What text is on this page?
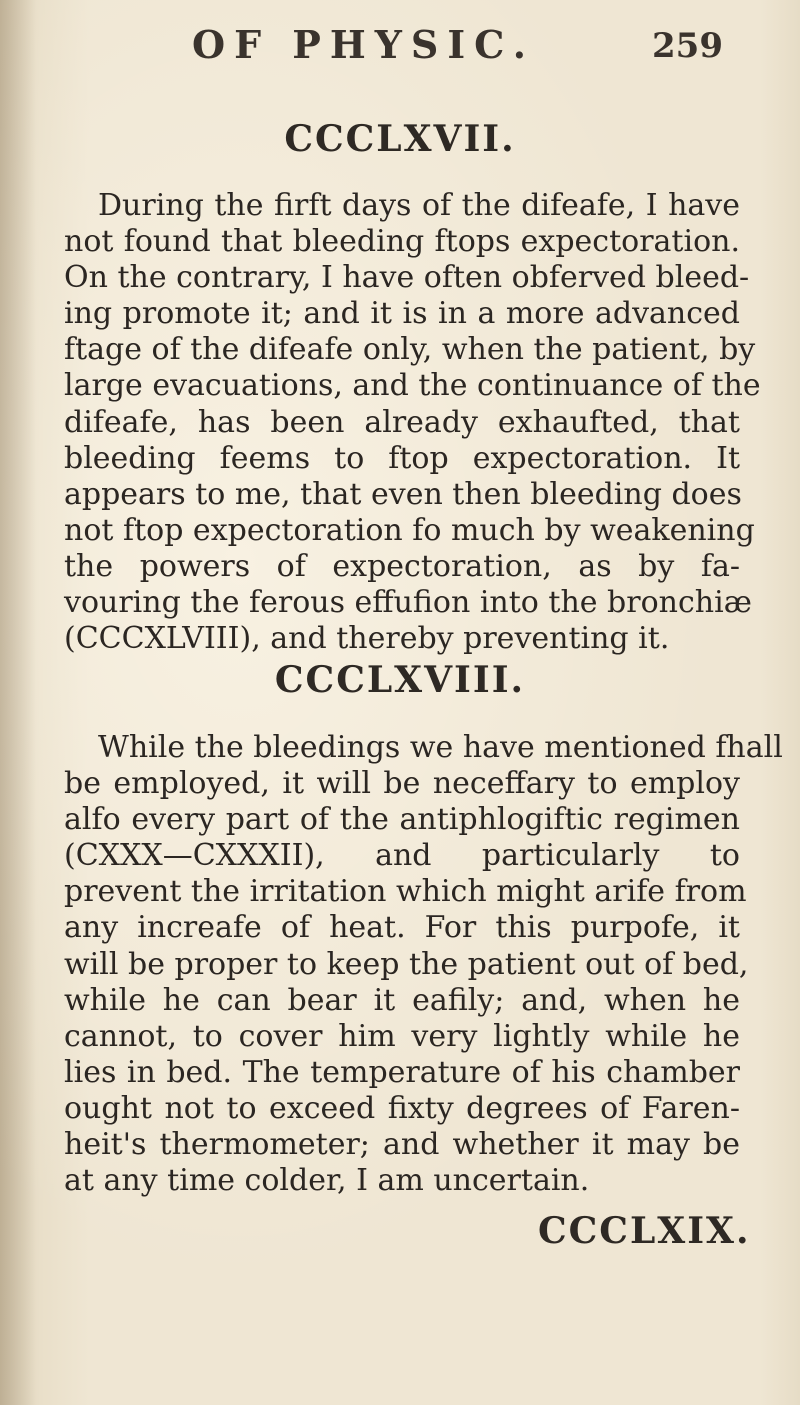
OF PHYSIC.	259
CCCLXVII.
During the firft days of the difeafe, I have
not found that bleeding ftops expectoration.
On the contrary, I have often obferved bleed-
ing promote it; and it is in a more advanced
ftage of the difeafe only, when the patient, by
large evacuations, and the continuance of the
difeafe, has been already exhaufted, that
bleeding feems to ftop expectoration. It
appears to me, that even then bleeding does
not ftop expectoration fo much by weakening
the powers of expectoration, as by fa-
vouring the ferous effufion into the bronchiæ
(CCCXLVIII), and thereby preventing it.
CCCLXVIII.
While the bleedings we have mentioned fhall
be employed, it will be neceffary to employ
alfo every part of the antiphlogiftic regimen
(CXXX—CXXXII), and particularly to
prevent the irritation which might arife from
any increafe of heat. For this purpofe, it
will be proper to keep the patient out of bed,
while he can bear it eafily; and, when he
cannot, to cover him very lightly while he
lies in bed. The temperature of his chamber
ought not to exceed fixty degrees of Faren-
heit's thermometer; and whether it may be
at any time colder, I am uncertain.
CCCLXIX.
